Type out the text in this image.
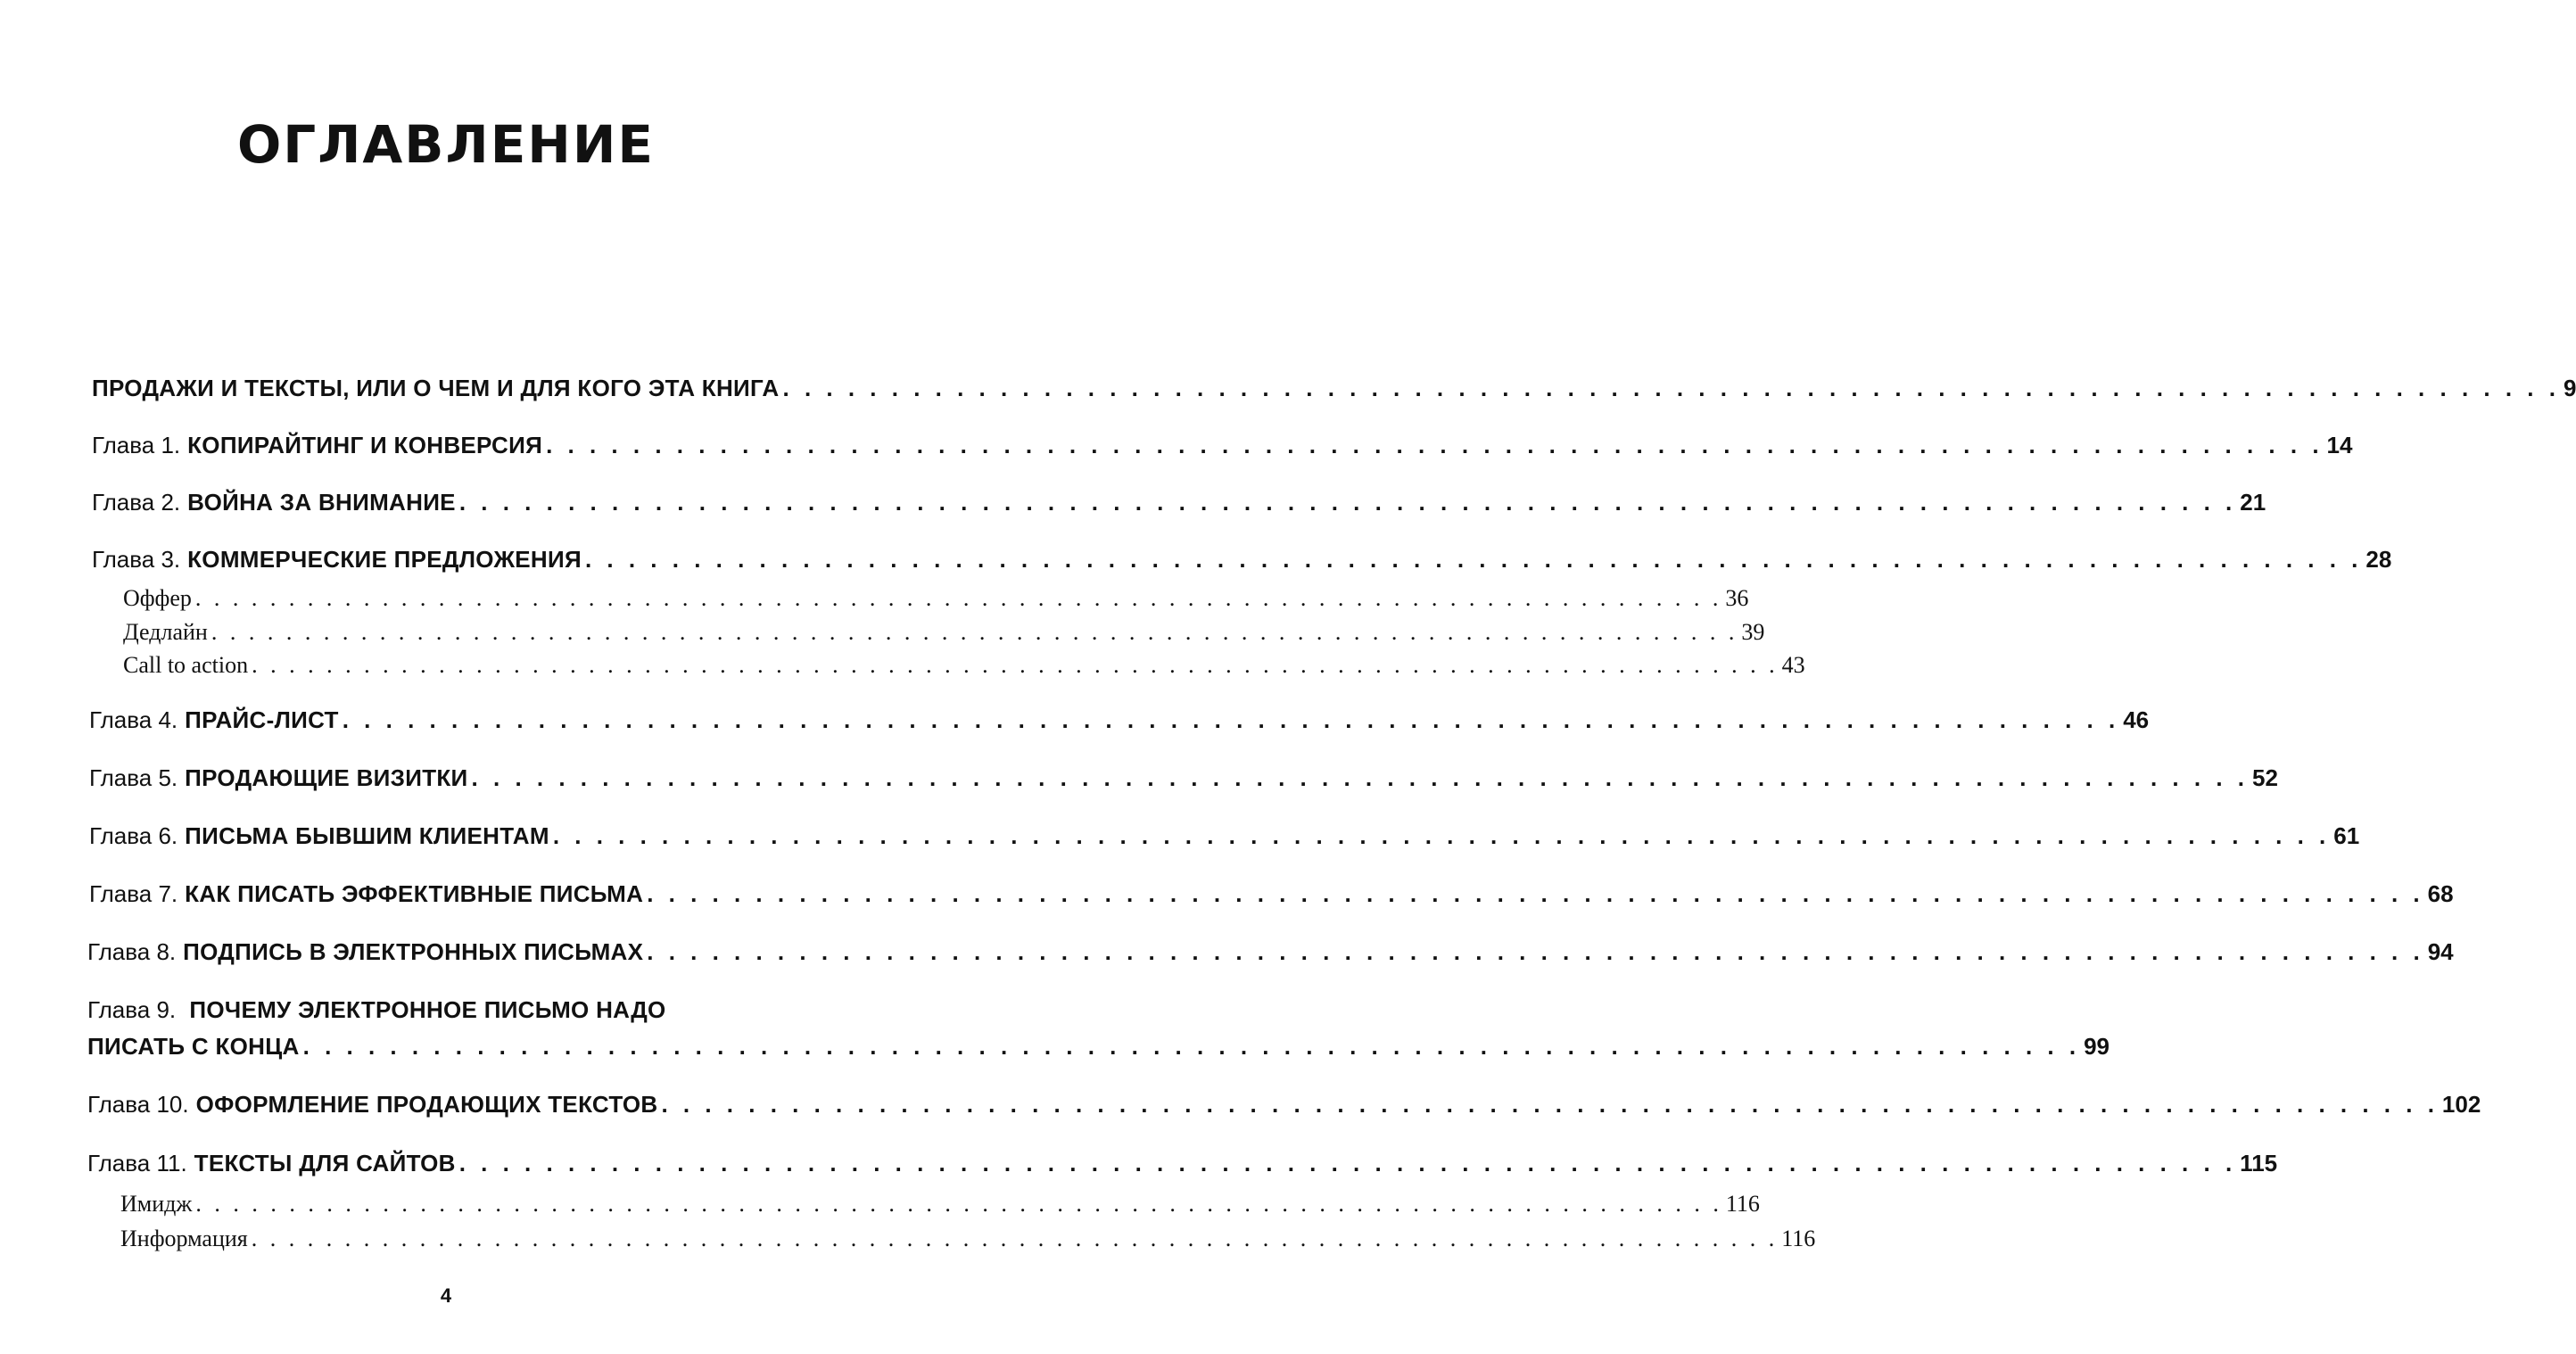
ОГЛАВЛЕНИЕ
ПРОДАЖИ И ТЕКСТЫ, ИЛИ О ЧЕМ И ДЛЯ КОГО ЭТА КНИГА . . . . . . . . . . . . . . . . . . . . . . . . . . . . . . . . . . . . . . . . . . . . . . . . . . . . . . . . . . . . . . . . . . . . . . . . . . . . . . . . . . 9
Глава 1. КОПИРАЙТИНГ И КОНВЕРСИЯ . . . . . . . . . . . . . . . . . . . . . . . . . . . . . . . . . . . . . . . . . . . . . . . . . . . . . . . . . . . . . . . . . . . . . . . . . . . . . . . . . . 14
Глава 2. ВОЙНА ЗА ВНИМАНИЕ . . . . . . . . . . . . . . . . . . . . . . . . . . . . . . . . . . . . . . . . . . . . . . . . . . . . . . . . . . . . . . . . . . . . . . . . . . . . . . . . . . 21
Глава 3. КОММЕРЧЕСКИЕ ПРЕДЛОЖЕНИЯ . . . . . . . . . . . . . . . . . . . . . . . . . . . . . . . . . . . . . . . . . . . . . . . . . . . . . . . . . . . . . . . . . . . . . . . . . . . . . . . . . . 28
Оффер . . . . . . . . . . . . . . . . . . . . . . . . . . . . . . . . . . . . . . . . . . . . . . . . . . . . . . . . . . . . . . . . . . . . . . . . . . . . . . . . . . 36
Дедлайн . . . . . . . . . . . . . . . . . . . . . . . . . . . . . . . . . . . . . . . . . . . . . . . . . . . . . . . . . . . . . . . . . . . . . . . . . . . . . . . . . . 39
Call to action . . . . . . . . . . . . . . . . . . . . . . . . . . . . . . . . . . . . . . . . . . . . . . . . . . . . . . . . . . . . . . . . . . . . . . . . . . . . . . . . . . 43
Глава 4. ПРАЙС-ЛИСТ . . . . . . . . . . . . . . . . . . . . . . . . . . . . . . . . . . . . . . . . . . . . . . . . . . . . . . . . . . . . . . . . . . . . . . . . . . . . . . . . . . 46
Глава 5. ПРОДАЮЩИЕ ВИЗИТКИ . . . . . . . . . . . . . . . . . . . . . . . . . . . . . . . . . . . . . . . . . . . . . . . . . . . . . . . . . . . . . . . . . . . . . . . . . . . . . . . . . . 52
Глава 6. ПИСЬМА БЫВШИМ КЛИЕНТАМ . . . . . . . . . . . . . . . . . . . . . . . . . . . . . . . . . . . . . . . . . . . . . . . . . . . . . . . . . . . . . . . . . . . . . . . . . . . . . . . . . . 61
Глава 7. КАК ПИСАТЬ ЭФФЕКТИВНЫЕ ПИСЬМА . . . . . . . . . . . . . . . . . . . . . . . . . . . . . . . . . . . . . . . . . . . . . . . . . . . . . . . . . . . . . . . . . . . . . . . . . . . . . . . . . . 68
Глава 8. ПОДПИСЬ В ЭЛЕКТРОННЫХ ПИСЬМАХ . . . . . . . . . . . . . . . . . . . . . . . . . . . . . . . . . . . . . . . . . . . . . . . . . . . . . . . . . . . . . . . . . . . . . . . . . . . . . . . . . . 94
Глава 9. ПОЧЕМУ ЭЛЕКТРОННОЕ ПИСЬМО НАДО
ПИСАТЬ С КОНЦА . . . . . . . . . . . . . . . . . . . . . . . . . . . . . . . . . . . . . . . . . . . . . . . . . . . . . . . . . . . . . . . . . . . . . . . . . . . . . . . . . . 99
Глава 10. ОФОРМЛЕНИЕ ПРОДАЮЩИХ ТЕКСТОВ . . . . . . . . . . . . . . . . . . . . . . . . . . . . . . . . . . . . . . . . . . . . . . . . . . . . . . . . . . . . . . . . . . . . . . . . . . . . . . . . . . 102
Глава 11. ТЕКСТЫ ДЛЯ САЙТОВ . . . . . . . . . . . . . . . . . . . . . . . . . . . . . . . . . . . . . . . . . . . . . . . . . . . . . . . . . . . . . . . . . . . . . . . . . . . . . . . . . . 115
Имидж . . . . . . . . . . . . . . . . . . . . . . . . . . . . . . . . . . . . . . . . . . . . . . . . . . . . . . . . . . . . . . . . . . . . . . . . . . . . . . . . . . 116
Информация . . . . . . . . . . . . . . . . . . . . . . . . . . . . . . . . . . . . . . . . . . . . . . . . . . . . . . . . . . . . . . . . . . . . . . . . . . . . . . . . . . 116
4
